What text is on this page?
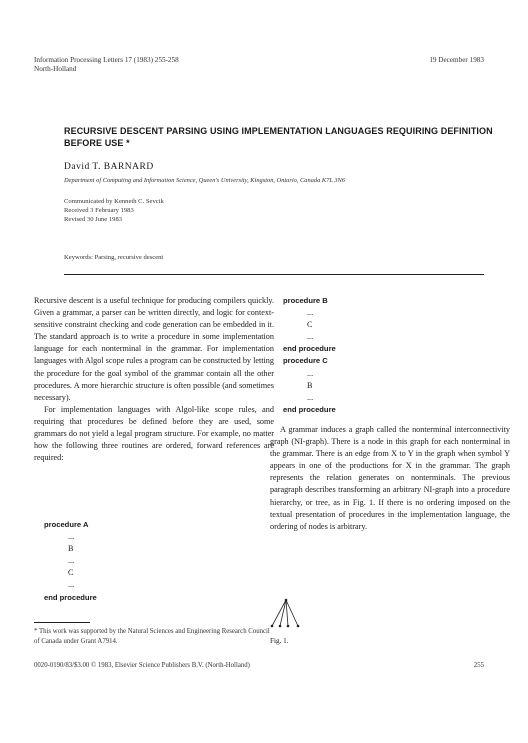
Information Processing Letters 17 (1983) 255-258
North-Holland
19 December 1983
RECURSIVE DESCENT PARSING USING IMPLEMENTATION LANGUAGES REQUIRING DEFINITION BEFORE USE *
David T. BARNARD
Department of Computing and Information Science, Queen's University, Kingston, Ontario, Canada K7L 3N6
Communicated by Kenneth C. Sevcik
Received 3 February 1983
Revised 30 June 1983
Keywords: Parsing, recursive descent

Recursive descent is a useful technique for producing compilers quickly. Given a grammar, a parser can be written directly, and logic for context-sensitive constraint checking and code generation can be embedded in it. The standard approach is to write a procedure in some implementation language for each nonterminal in the grammar. For implementation languages with Algol scope rules a program can be constructed by letting the procedure for the goal symbol of the grammar contain all the other procedures. A more hierarchic structure is often possible (and sometimes necessary).

For implementation languages with Algol-like scope rules, and requiring that procedures be defined before they are used, some grammars do not yield a legal program structure. For example, no matter how the following three routines are ordered, forward references are required:

procedure A
...
B
...
C
...
end procedure
* This work was supported by the Natural Sciences and Engineering Research Council of Canada under Grant A7914.
procedure B
...
C
...
end procedure
procedure C
...
B
...
end procedure

A grammar induces a graph called the nonterminal interconnectivity graph (NI-graph). There is a node in this graph for each nonterminal in the grammar. There is an edge from X to Y in the graph when symbol Y appears in one of the productions for X in the grammar. The graph represents the relation generates on nonterminals. The previous paragraph describes transforming an arbitrary NI-graph into a procedure hierarchy, or tree, as in Fig. 1. If there is no ordering imposed on the textual presentation of procedures in the implementation language, the ordering of nodes is arbitrary.

Fig. 1.
0020-0190/83/$3.00 © 1983, Elsevier Science Publishers B.V. (North-Holland)	255
